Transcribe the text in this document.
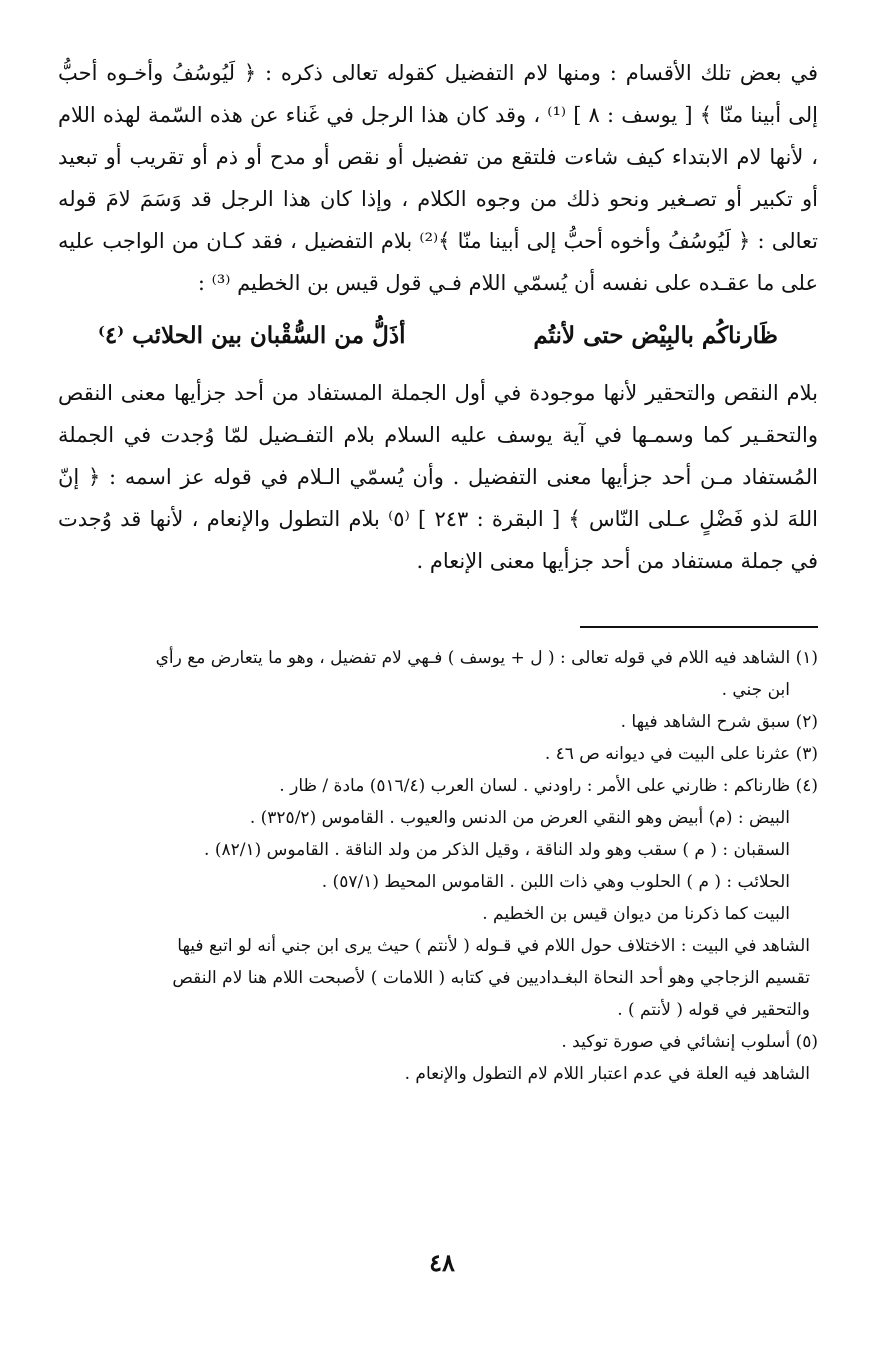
في بعض تلك الأقسام : ومنها لام التفضيل كقوله تعالى ذكره : ﴿ لَيُوسُفُ وأخـوه أحبُّ إلى أبينا منّا ﴾ [ يوسف : ٨ ] ⁽¹⁾ ، وقد كان هذا الرجل في غَناء عن هذه السّمة لهذه اللام ، لأنها لام الابتداء كيف شاءت فلتقع من تفضيل أو نقص أو مدح أو ذم أو تقريب أو تبعيد أو تكبير أو تصـغير ونحو ذلك من وجوه الكلام ، وإذا كان هذا الرجل قد وَسَمَ لامَ قوله تعالى : ﴿ لَيُوسُفُ وأخوه أحبُّ إلى أبينا منّا ﴾⁽²⁾ بلام التفضيل ، فقد كـان من الواجب عليه على ما عقـده على نفسه أن يُسمّي اللام فـي قول قيس بن الخطيم ⁽³⁾ :

ظَارناكُم بالبِيْض حتى لأنتُم
أذَلُّ من السُّقْبان بين الحلائب ⁽٤⁾

بلام النقص والتحقير لأنها موجودة في أول الجملة المستفاد من أحد جزأيها معنى النقص والتحقـير كما وسمـها في آية يوسف عليه السلام بلام التفـضيل لمّا وُجدت في الجملة المُستفاد مـن أحد جزأيها معنى التفضيل . وأن يُسمّي الـلام في قوله عز اسمه : ﴿ إنّ اللهَ لذو فَضْلٍ عـلى النّاس ﴾ [ البقرة : ٢٤٣ ] ⁽٥⁾ بلام التطول والإنعام ، لأنها قد وُجدت في جملة مستفاد من أحد جزأيها معنى الإنعام .

(١) الشاهد فيه اللام في قوله تعالى : ( ل + يوسف ) فـهي لام تفضيل ، وهو ما يتعارض مع رأي
ابن جني .
(٢) سبق شرح الشاهد فيها .
(٣) عثرنا على البيت في ديوانه ص ٤٦ .
(٤) ظارناكم : ظارني على الأمر : راودني . لسان العرب (٥١٦/٤) مادة / ظار .
البيض : (م) أبيض وهو النقي العرض من الدنس والعيوب . القاموس (٣٢٥/٢) .
السقبان : ( م ) سقب وهو ولد الناقة ، وقيل الذكر من ولد الناقة . القاموس (٨٢/١) .
الحلائب : ( م ) الحلوب وهي ذات اللبن . القاموس المحيط (٥٧/١) .
البيت كما ذكرنا من ديوان قيس بن الخطيم .
الشاهد في البيت : الاختلاف حول اللام في قـوله ( لأنتم ) حيث يرى ابن جني أنه لو اتبع فيها
تقسيم الزجاجي وهو أحد النحاة البغـداديين في كتابه ( اللامات ) لأصبحت اللام هنا لام النقص
والتحقير في قوله ( لأنتم ) .
(٥) أسلوب إنشائي في صورة توكيد .
الشاهد فيه العلة في عدم اعتبار اللام لام التطول والإنعام .
٤٨
